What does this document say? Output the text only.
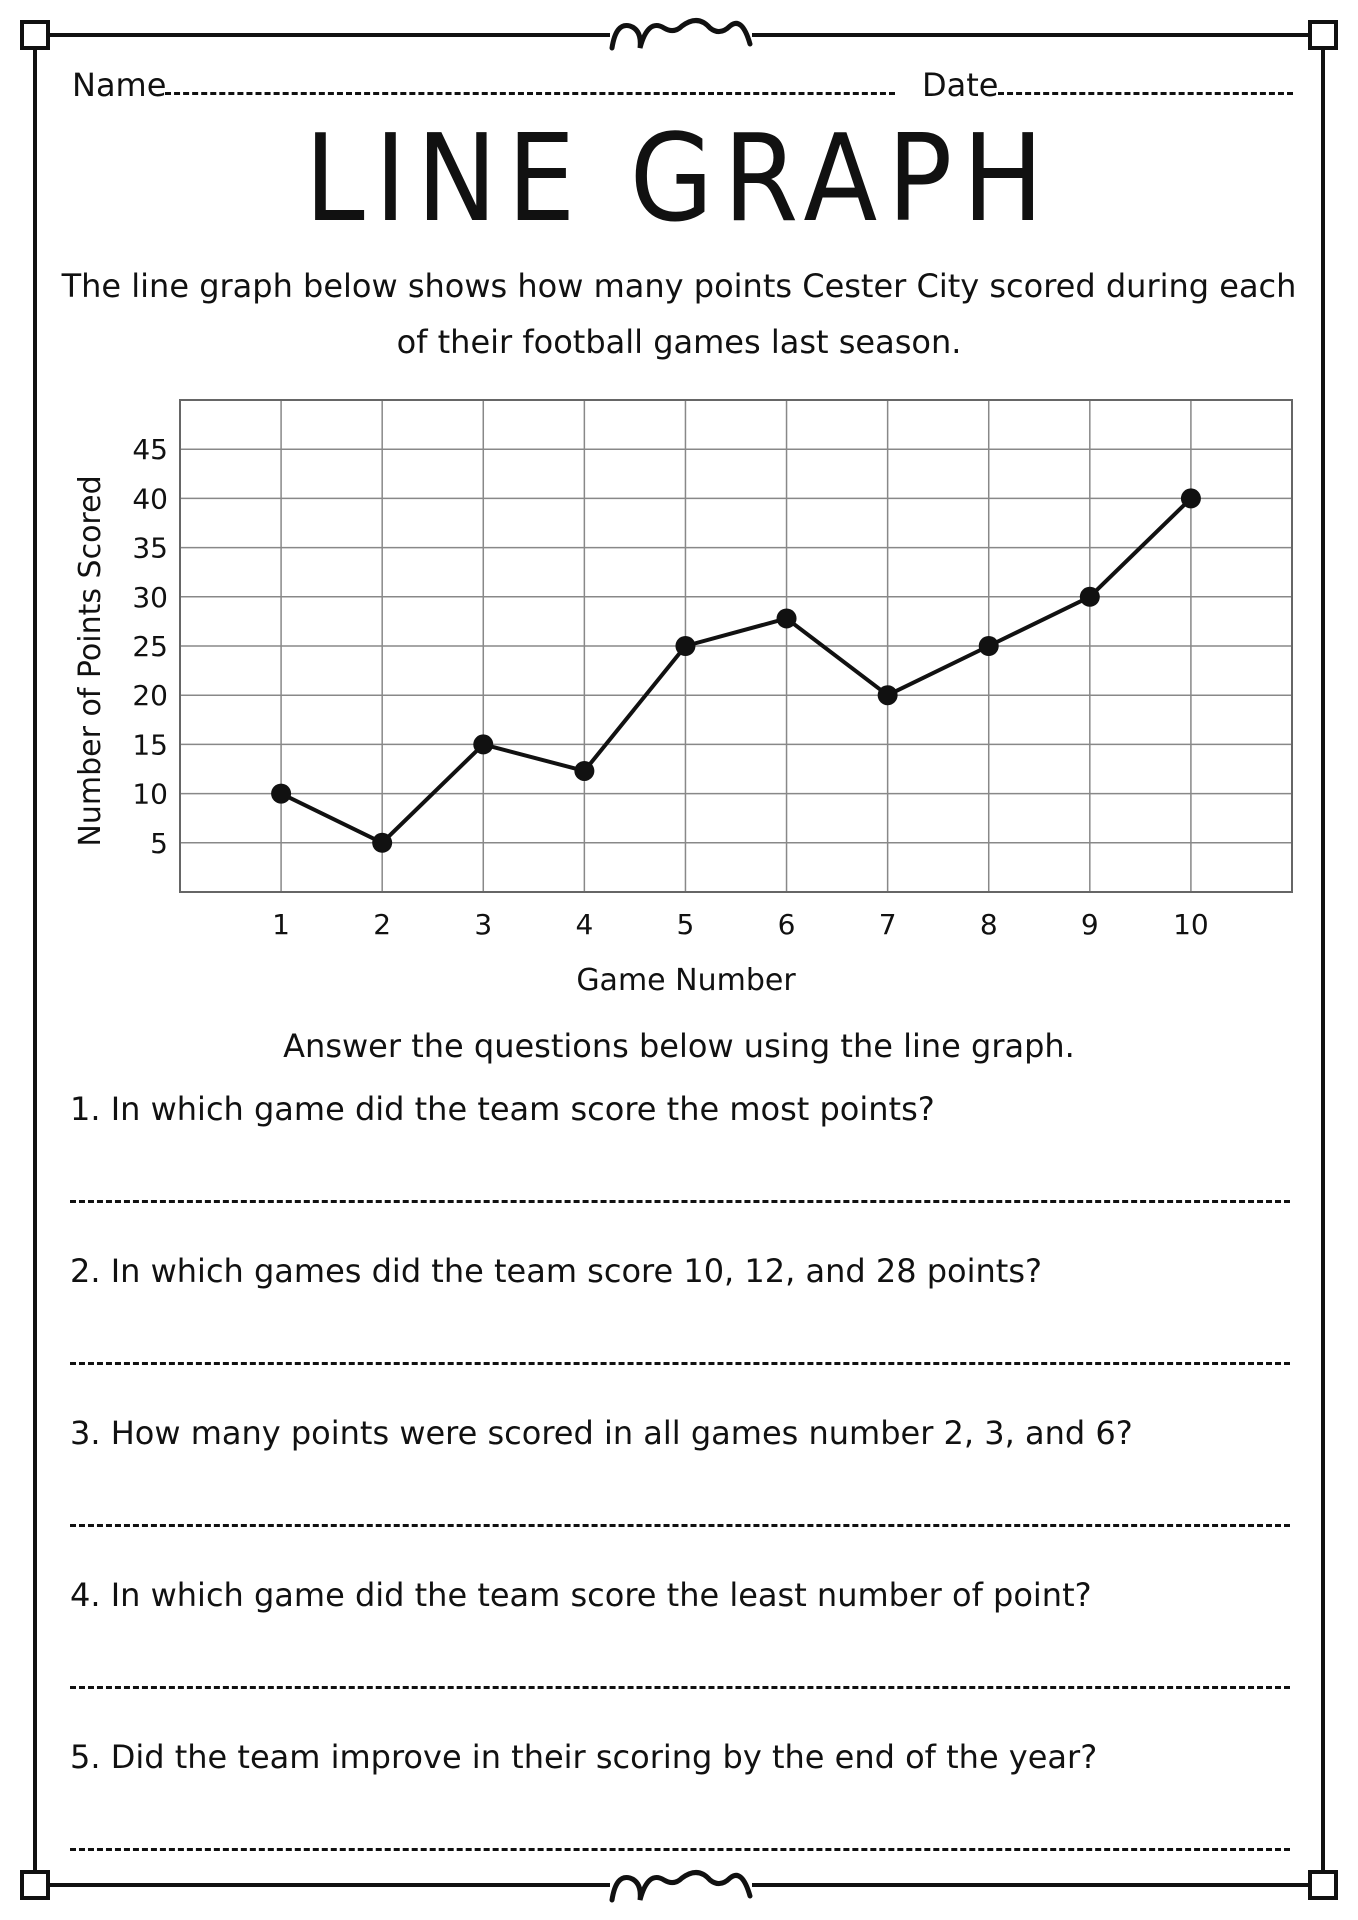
Name	Date
LINE GRAPH
The line graph below shows how many points Cester City scored during each of their football games last season.
5
10
15
20
25
30
35
40
45
1	2	3	4	5	6	7	8	9	10
Game Number
Number of Points Scored
Answer the questions below using the line graph.
1. In which game did the team score the most points?
2. In which games did the team score 10, 12, and 28 points?
3. How many points were scored in all games number 2, 3, and 6?
4. In which game did the team score the least number of point?
5. Did the team improve in their scoring by the end of the year?
